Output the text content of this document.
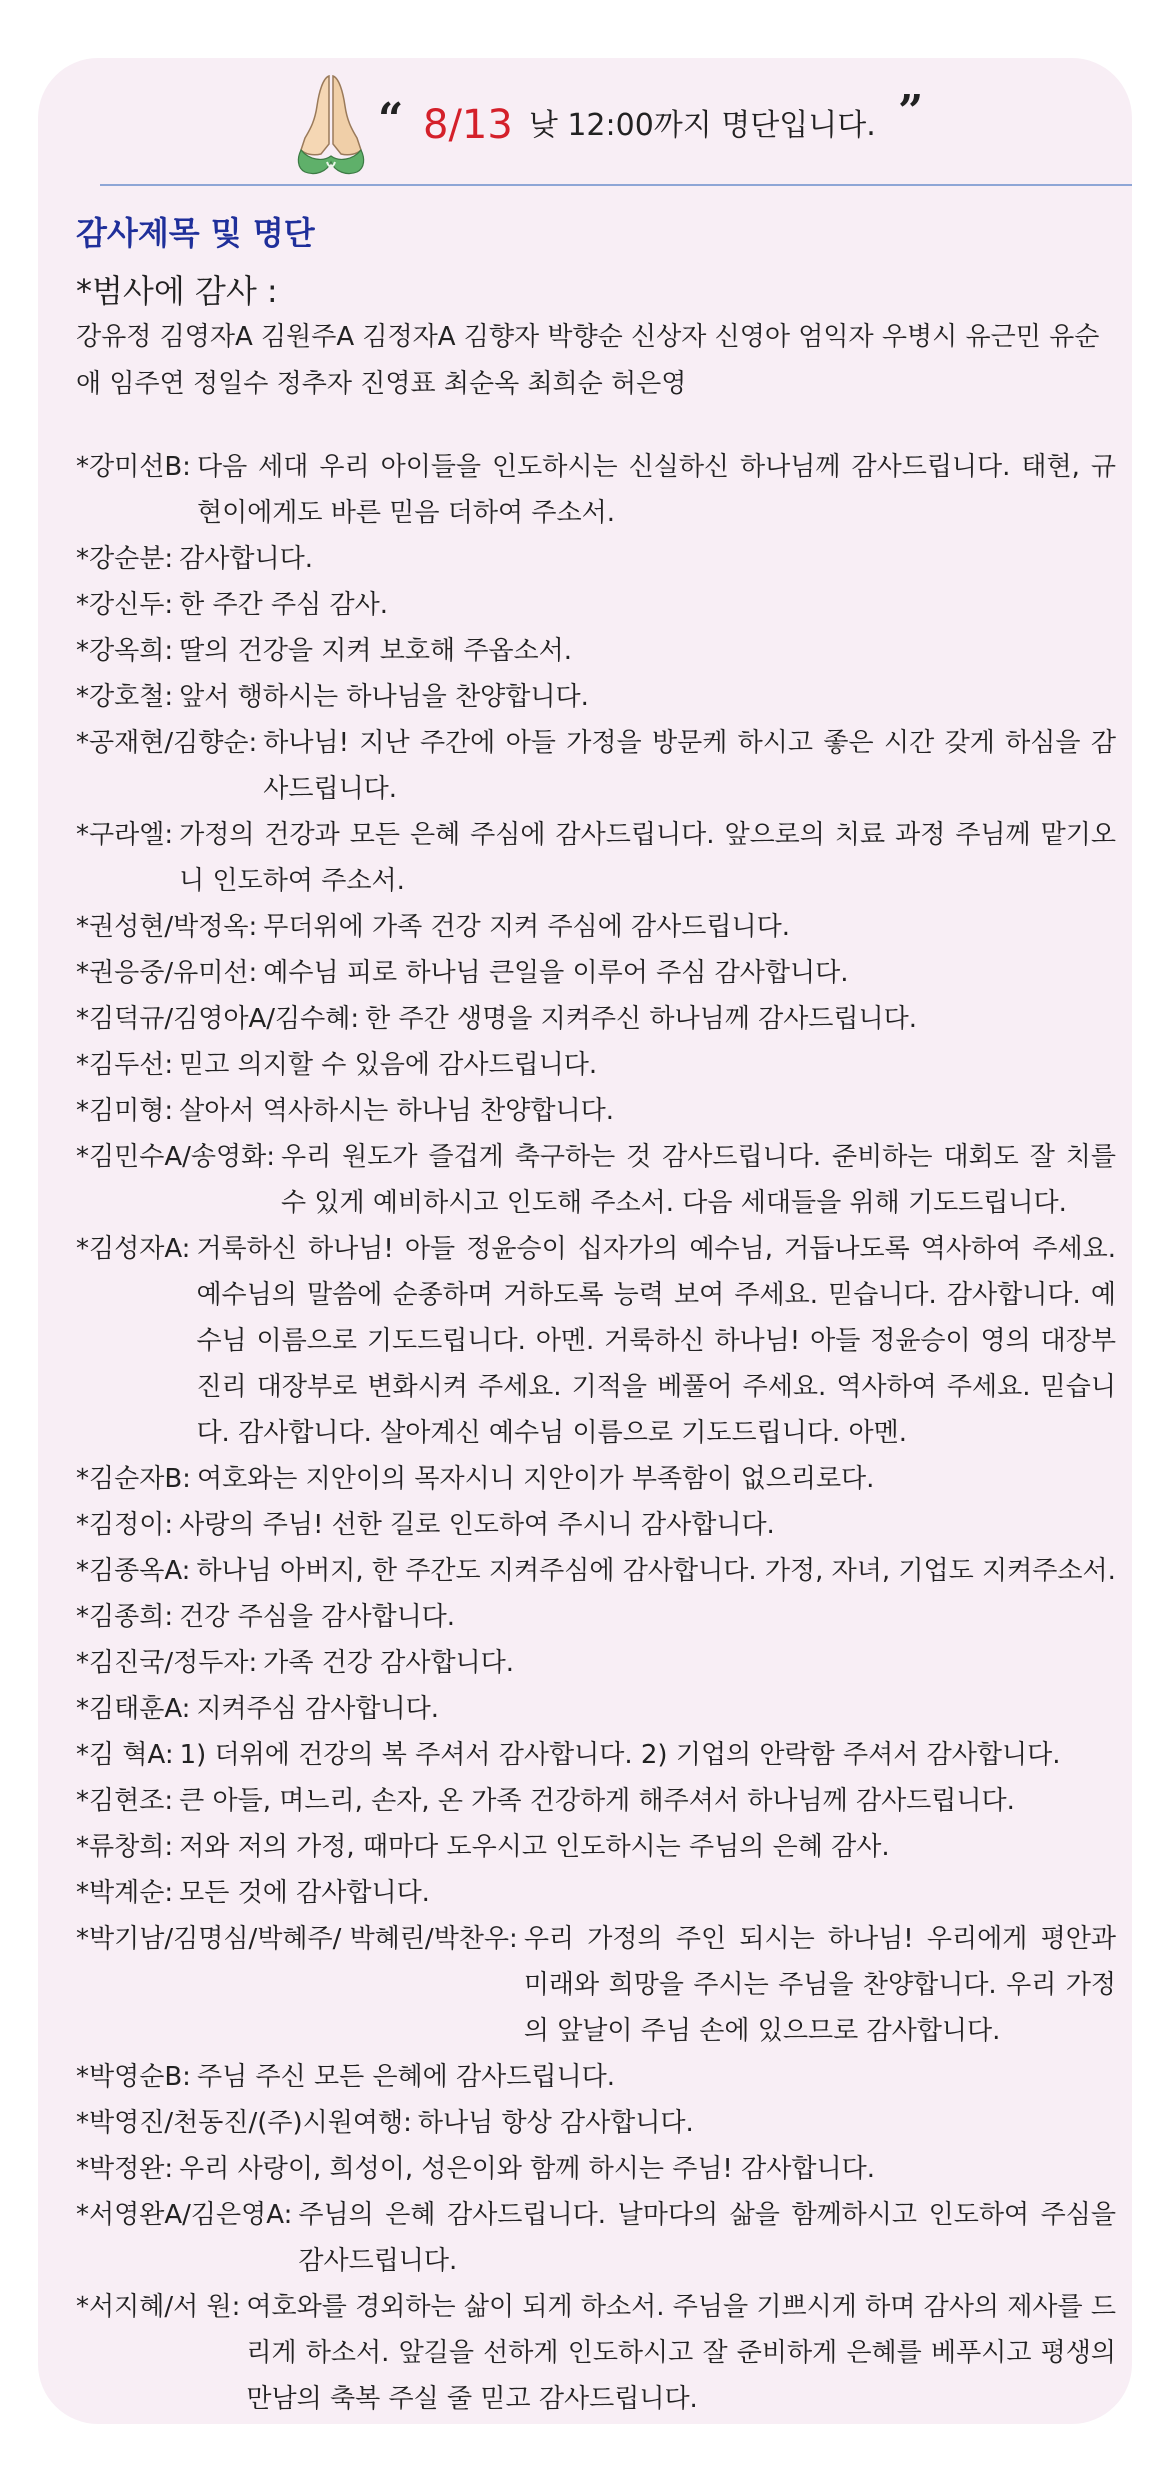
“ 8/13 낮 12:00까지 명단입니다. ”
감사제목 및 명단
*범사에 감사 :
강유정 김영자A 김원주A 김정자A 김향자 박향순 신상자 신영아 엄익자 우병시 유근민 유순애 임주연 정일수 정추자 진영표 최순옥 최희순 허은영
*강미선B: 다음 세대 우리 아이들을 인도하시는 신실하신 하나님께 감사드립니다. 태현, 규현이에게도 바른 믿음 더하여 주소서.
*강순분: 감사합니다.
*강신두: 한 주간 주심 감사.
*강옥희: 딸의 건강을 지켜 보호해 주옵소서.
*강호철: 앞서 행하시는 하나님을 찬양합니다.
*공재현/김향순: 하나님! 지난 주간에 아들 가정을 방문케 하시고 좋은 시간 갖게 하심을 감사드립니다.
*구라엘: 가정의 건강과 모든 은혜 주심에 감사드립니다. 앞으로의 치료 과정 주님께 맡기오니 인도하여 주소서.
*권성현/박정옥: 무더위에 가족 건강 지켜 주심에 감사드립니다.
*권응중/유미선: 예수님 피로 하나님 큰일을 이루어 주심 감사합니다.
*김덕규/김영아A/김수혜: 한 주간 생명을 지켜주신 하나님께 감사드립니다.
*김두선: 믿고 의지할 수 있음에 감사드립니다.
*김미형: 살아서 역사하시는 하나님 찬양합니다.
*김민수A/송영화: 우리 원도가 즐겁게 축구하는 것 감사드립니다. 준비하는 대회도 잘 치를 수 있게 예비하시고 인도해 주소서. 다음 세대들을 위해 기도드립니다.
*김성자A: 거룩하신 하나님! 아들 정윤승이 십자가의 예수님, 거듭나도록 역사하여 주세요. 예수님의 말씀에 순종하며 거하도록 능력 보여 주세요. 믿습니다. 감사합니다. 예수님 이름으로 기도드립니다. 아멘. 거룩하신 하나님! 아들 정윤승이 영의 대장부 진리 대장부로 변화시켜 주세요. 기적을 베풀어 주세요. 역사하여 주세요. 믿습니다. 감사합니다. 살아계신 예수님 이름으로 기도드립니다. 아멘.
*김순자B: 여호와는 지안이의 목자시니 지안이가 부족함이 없으리로다.
*김정이: 사랑의 주님! 선한 길로 인도하여 주시니 감사합니다.
*김종옥A: 하나님 아버지, 한 주간도 지켜주심에 감사합니다. 가정, 자녀, 기업도 지켜주소서.
*김종희: 건강 주심을 감사합니다.
*김진국/정두자: 가족 건강 감사합니다.
*김태훈A: 지켜주심 감사합니다.
*김 혁A: 1) 더위에 건강의 복 주셔서 감사합니다. 2) 기업의 안락함 주셔서 감사합니다.
*김현조: 큰 아들, 며느리, 손자, 온 가족 건강하게 해주셔서 하나님께 감사드립니다.
*류창희: 저와 저의 가정, 때마다 도우시고 인도하시는 주님의 은혜 감사.
*박계순: 모든 것에 감사합니다.
*박기남/김명심/박혜주/ 박혜린/박찬우: 우리 가정의 주인 되시는 하나님! 우리에게 평안과 미래와 희망을 주시는 주님을 찬양합니다. 우리 가정의 앞날이 주님 손에 있으므로 감사합니다.
*박영순B: 주님 주신 모든 은혜에 감사드립니다.
*박영진/천동진/(주)시원여행: 하나님 항상 감사합니다.
*박정완: 우리 사랑이, 희성이, 성은이와 함께 하시는 주님! 감사합니다.
*서영완A/김은영A: 주님의 은혜 감사드립니다. 날마다의 삶을 함께하시고 인도하여 주심을 감사드립니다.
*서지혜/서 원: 여호와를 경외하는 삶이 되게 하소서. 주님을 기쁘시게 하며 감사의 제사를 드리게 하소서. 앞길을 선하게 인도하시고 잘 준비하게 은혜를 베푸시고 평생의 만남의 축복 주실 줄 믿고 감사드립니다.
